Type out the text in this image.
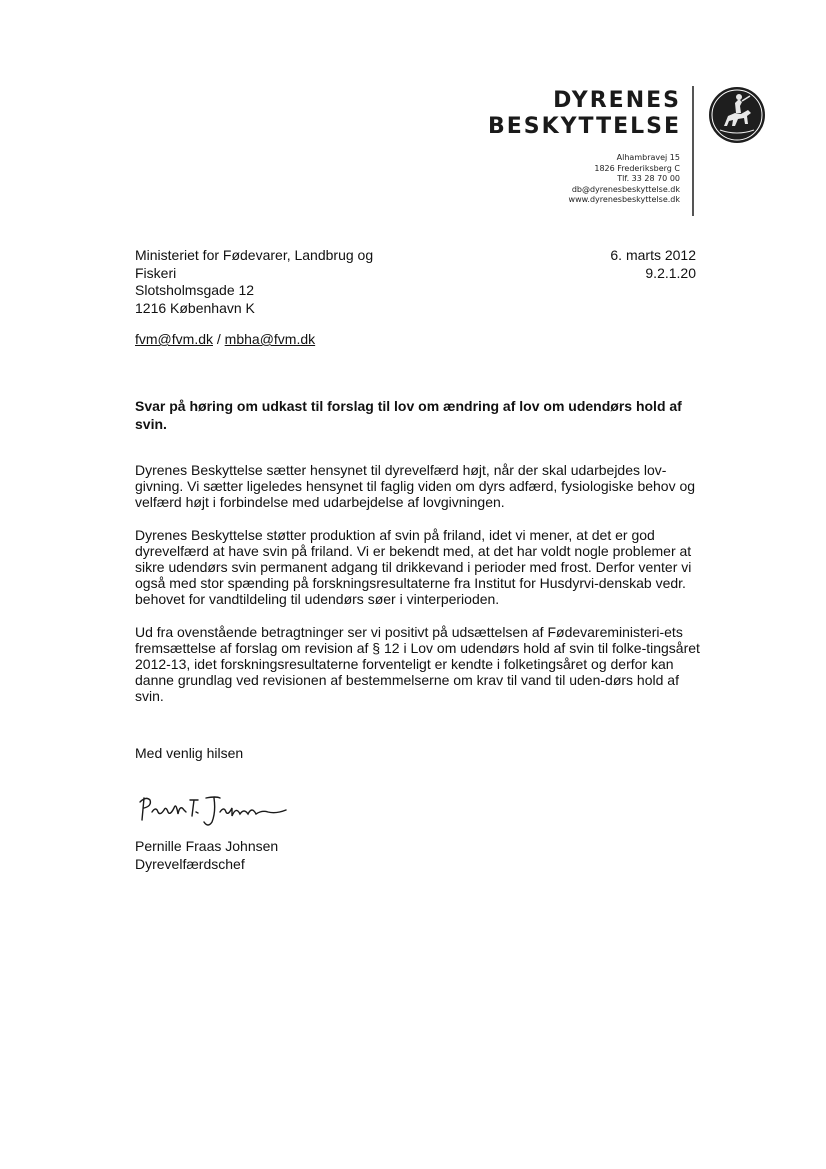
DYRENES
BESKYTTELSE
Alhambravej 15
1826 Frederiksberg C
Tlf. 33 28 70 00
db@dyrenesbeskyttelse.dk
www.dyrenesbeskyttelse.dk
Ministeriet for Fødevarer, Landbrug og
Fiskeri
Slotsholmsgade 12
1216 København K
6. marts 2012
9.2.1.20
fvm@fvm.dk / mbha@fvm.dk
Svar på høring om udkast til forslag til lov om ændring af lov om udendørs hold af svin.

Dyrenes Beskyttelse sætter hensynet til dyrevelfærd højt, når der skal udarbejdes lov-givning. Vi sætter ligeledes hensynet til faglig viden om dyrs adfærd, fysiologiske behov og velfærd højt i forbindelse med udarbejdelse af lovgivningen.

Dyrenes Beskyttelse støtter produktion af svin på friland, idet vi mener, at det er god dyrevelfærd at have svin på friland. Vi er bekendt med, at det har voldt nogle problemer at sikre udendørs svin permanent adgang til drikkevand i perioder med frost. Derfor venter vi også med stor spænding på forskningsresultaterne fra Institut for Husdyrvi-denskab vedr. behovet for vandtildeling til udendørs søer i vinterperioden.

Ud fra ovenstående betragtninger ser vi positivt på udsættelsen af Fødevareministeri-ets fremsættelse af forslag om revision af § 12 i Lov om udendørs hold af svin til folke-tingsåret 2012-13, idet forskningsresultaterne forventeligt er kendte i folketingsåret og derfor kan danne grundlag ved revisionen af bestemmelserne om krav til vand til uden-dørs hold af svin.

Med venlig hilsen
Pernille Fraas Johnsen
Dyrevelfærdschef
